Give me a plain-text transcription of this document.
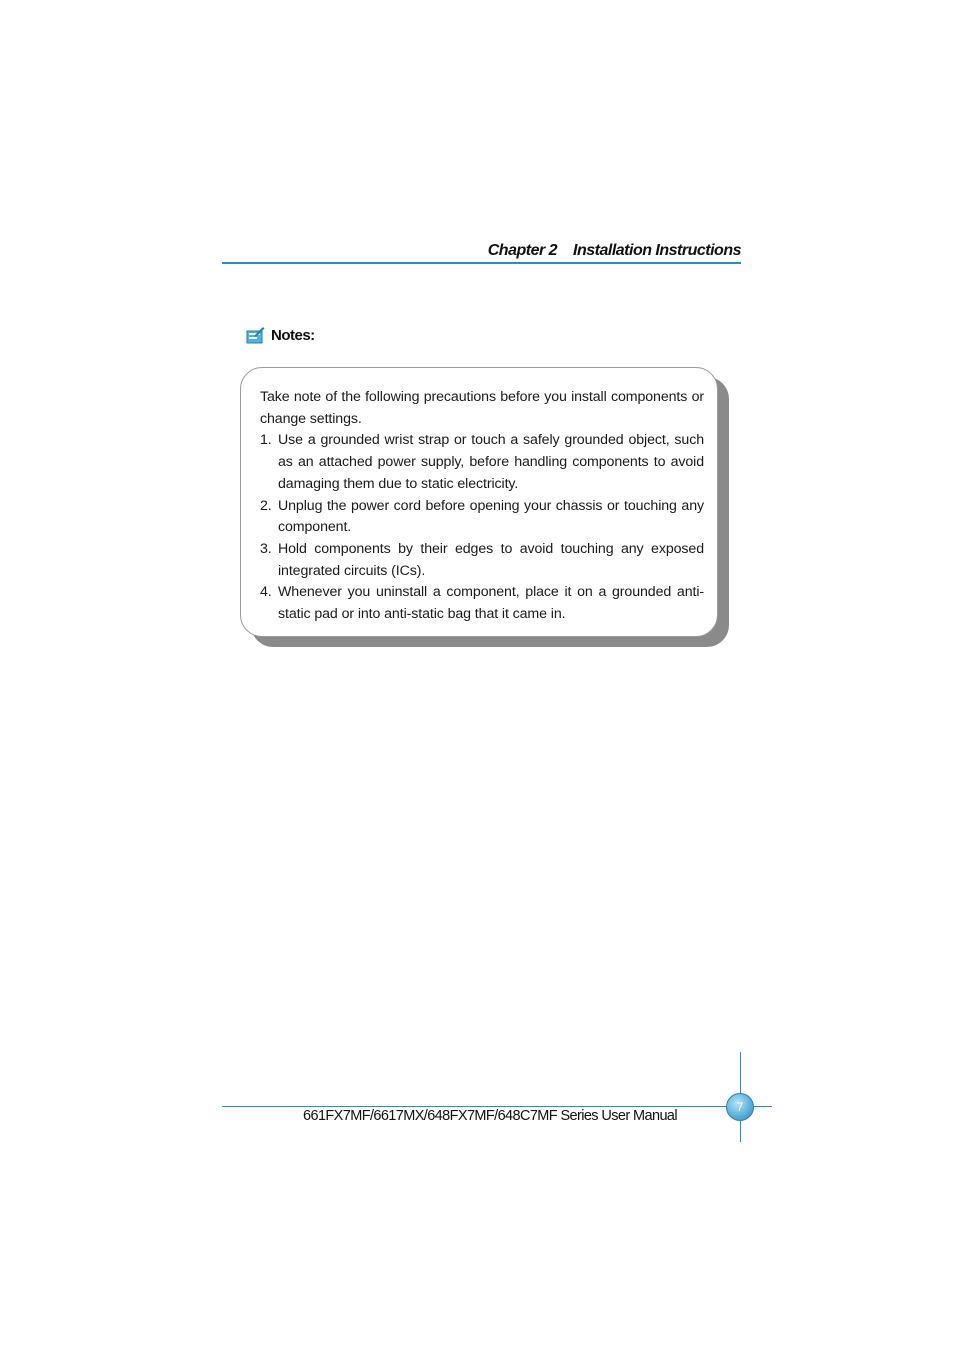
Chapter 2 Installation Instructions
Notes:

Take note of the following precautions before you install components or change settings.

1. Use a grounded wrist strap or touch a safely grounded object, such as an attached power supply, before handling components to avoid damaging them due to static electricity.
2. Unplug the power cord before opening your chassis or touching any component.
3. Hold components by their edges to avoid touching any exposed integrated circuits (ICs).
4. Whenever you uninstall a component, place it on a grounded anti-static pad or into anti-static bag that it came in.
7
661FX7MF/6617MX/648FX7MF/648C7MF Series User Manual
